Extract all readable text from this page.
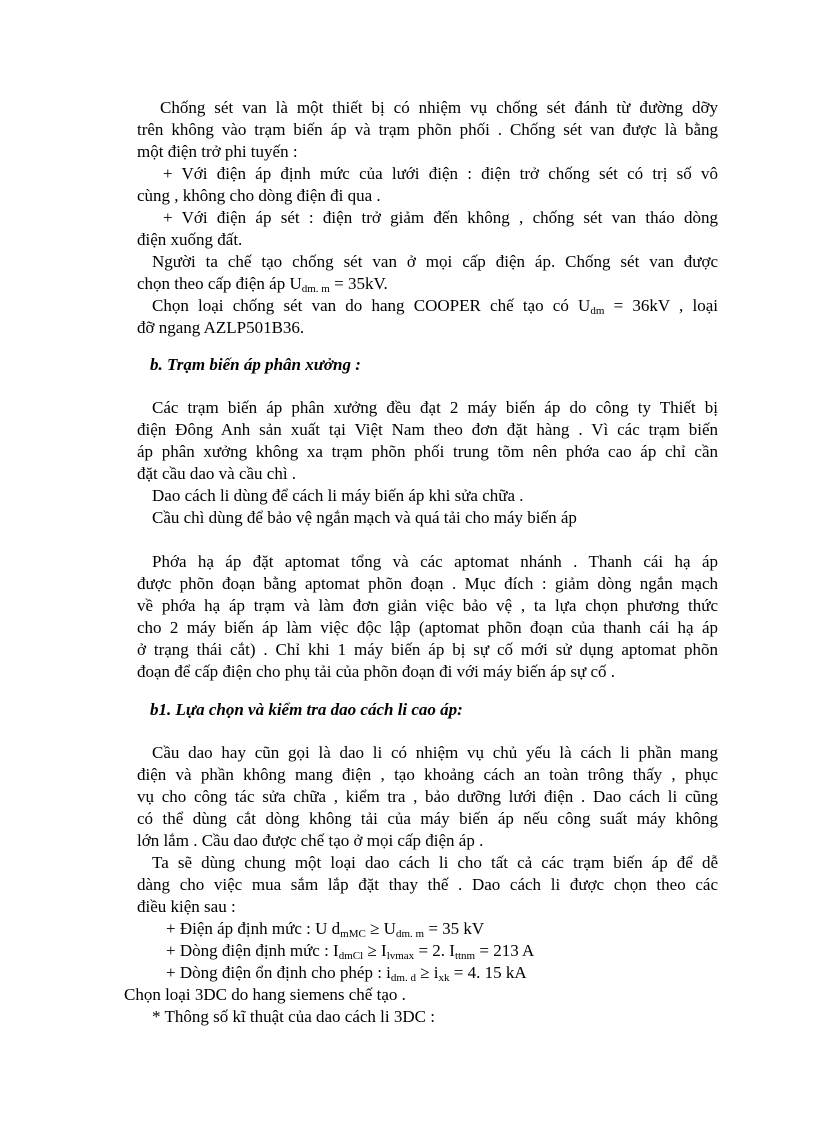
Chống sét van là một thiết bị có nhiệm vụ chống sét đánh từ đường dỡy
trên không vào trạm biến áp và trạm phõn phối . Chống sét van được là bằng
một điện trở phi tuyến :
+ Với điện áp định mức của lưới điện : điện trở chống sét có trị số vô
cùng , không cho dòng điện đi qua .
+ Với điện áp sét : điện trở giảm đến không , chống sét van tháo dòng
điện xuống đất.
Người ta chế tạo chống sét van ở mọi cấp điện áp. Chống sét van được
chọn theo cấp điện áp $U_{dm. m} = 35kV$.
Chọn loại chống sét van do hang COOPER chế tạo có $U_{dm} = 36kV$ , loại
đỡ ngang AZLP501B36.
b. Trạm biến áp phân xưởng :
Các trạm biến áp phân xưởng đều đạt 2 máy biến áp do công ty Thiết bị
điện Đông Anh sản xuất tại Việt Nam theo đơn đặt hàng . Vì các trạm biến
áp phân xưởng không xa trạm phõn phối trung tõm nên phớa cao áp chỉ cần
đặt cầu dao và cầu chì .
Dao cách li dùng để cách li máy biến áp khi sửa chữa .
Cầu chì dùng để bảo vệ ngắn mạch và quá tải cho máy biến áp
Phớa hạ áp đặt aptomat tổng và các aptomat nhánh . Thanh cái hạ áp
được phõn đoạn bằng aptomat phõn đoạn . Mục đích : giảm dòng ngắn mạch
về phớa hạ áp trạm và làm đơn giản việc bảo vệ , ta lựa chọn phương thức
cho 2 máy biến áp làm việc độc lập (aptomat phõn đoạn của thanh cái hạ áp
ở trạng thái cắt) . Chỉ khi 1 máy biến áp bị sự cố mới sử dụng aptomat phõn
đoạn để cấp điện cho phụ tải của phõn đoạn đi với máy biến áp sự cố .
b1. Lựa chọn và kiểm tra dao cách li cao áp:
Cầu dao hay cũn gọi là dao li có nhiệm vụ chủ yếu là cách li phần mang
điện và phần không mang điện , tạo khoảng cách an toàn trông thấy , phục
vụ cho công tác sửa chữa , kiểm tra , bảo dưỡng lưới điện . Dao cách li cũng
có thể dùng cắt dòng không tải của máy biến áp nếu công suất máy không
lớn lắm . Cầu dao được chế tạo ở mọi cấp điện áp .
Ta sẽ dùng chung một loại dao cách li cho tất cả các trạm biến áp để dễ
dàng cho việc mua sắm lắp đặt thay thế . Dao cách li được chọn theo các
điều kiện sau :
+ Điện áp định mức : U $d_{mMC} \ge U_{dm. m} = 35$ kV
+ Dòng điện định mức : $I_{dmCl} \ge I_{lvmax} = 2$. $I_{ttnm} = 213$ A
+ Dòng điện ổn định cho phép : $i_{dm. d} \ge i_{xk} = 4$. 15 kA
Chọn loại 3DC do hang siemens chế tạo .
* Thông số kĩ thuật của dao cách li 3DC :
